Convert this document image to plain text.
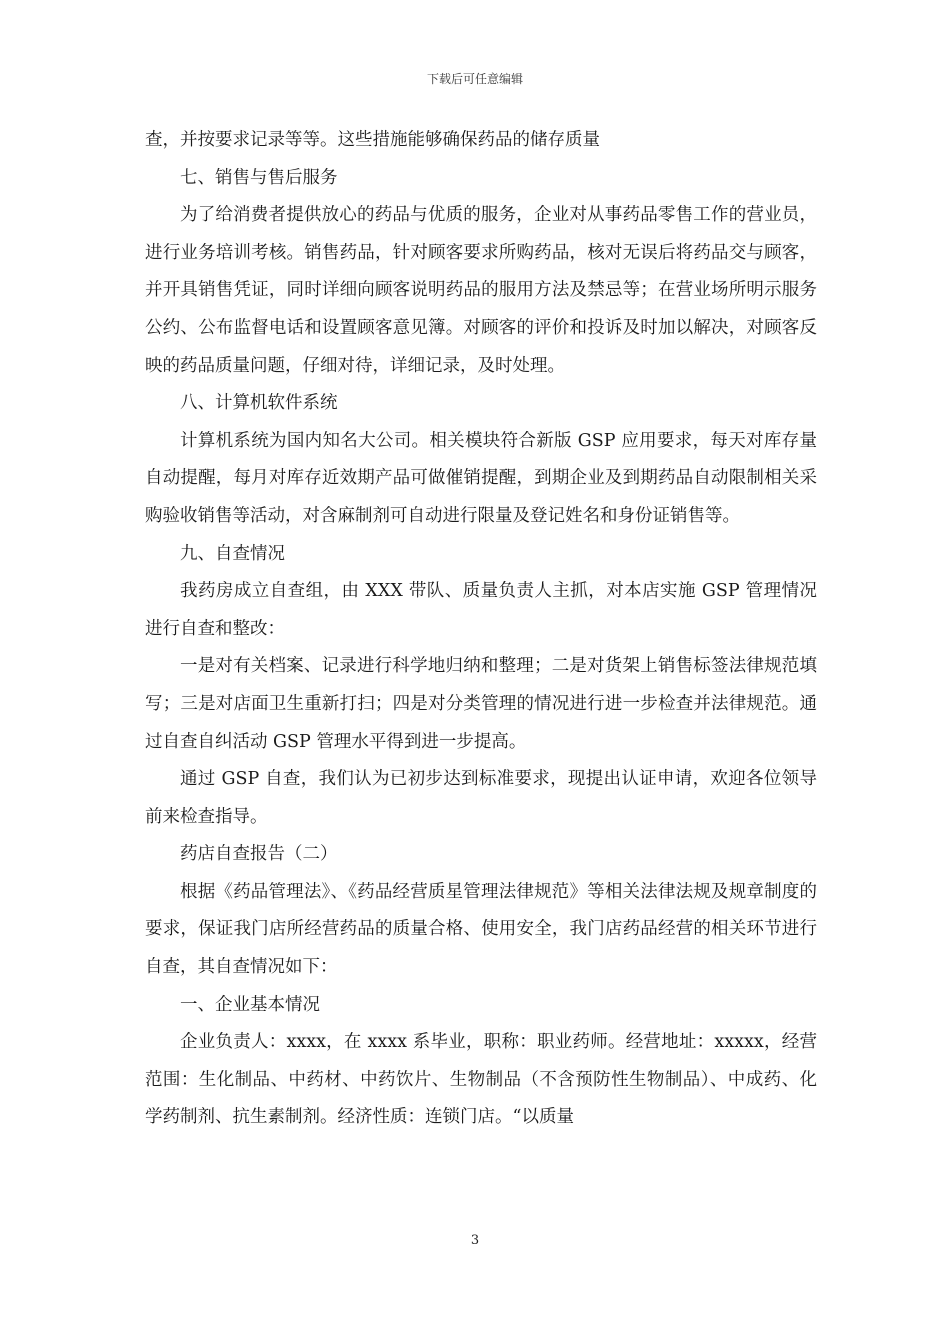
下载后可任意编辑

查，并按要求记录等等。这些措施能够确保药品的储存质量

七、销售与售后服务

为了给消费者提供放心的药品与优质的服务，企业对从事药品零售工作的营业员，进行业务培训考核。销售药品，针对顾客要求所购药品，核对无误后将药品交与顾客，并开具销售凭证，同时详细向顾客说明药品的服用方法及禁忌等；在营业场所明示服务公约、公布监督电话和设置顾客意见簿。对顾客的评价和投诉及时加以解决，对顾客反映的药品质量问题，仔细对待，详细记录，及时处理。

八、计算机软件系统

计算机系统为国内知名大公司。相关模块符合新版 GSP 应用要求，每天对库存量自动提醒，每月对库存近效期产品可做催销提醒，到期企业及到期药品自动限制相关采购验收销售等活动，对含麻制剂可自动进行限量及登记姓名和身份证销售等。

九、自查情况

我药房成立自查组，由 XXX 带队、质量负责人主抓，对本店实施 GSP 管理情况进行自查和整改：

一是对有关档案、记录进行科学地归纳和整理；二是对货架上销售标签法律规范填写；三是对店面卫生重新打扫；四是对分类管理的情况进行进一步检查并法律规范。通过自查自纠活动 GSP 管理水平得到进一步提高。

通过 GSP 自查，我们认为已初步达到标准要求，现提出认证申请，欢迎各位领导前来检查指导。

药店自查报告（二）

根据《药品管理法》、《药品经营质星管理法律规范》等相关法律法规及规章制度的要求，保证我门店所经营药品的质量合格、使用安全，我门店药品经营的相关环节进行自查，其自查情况如下：

一、企业基本情况

企业负责人：xxxx，在 xxxx 系毕业，职称：职业药师。经营地址：xxxxx，经营范围：生化制品、中药材、中药饮片、生物制品（不含预防性生物制品）、中成药、化学药制剂、抗生素制剂。经济性质：连锁门店。“以质量

3
